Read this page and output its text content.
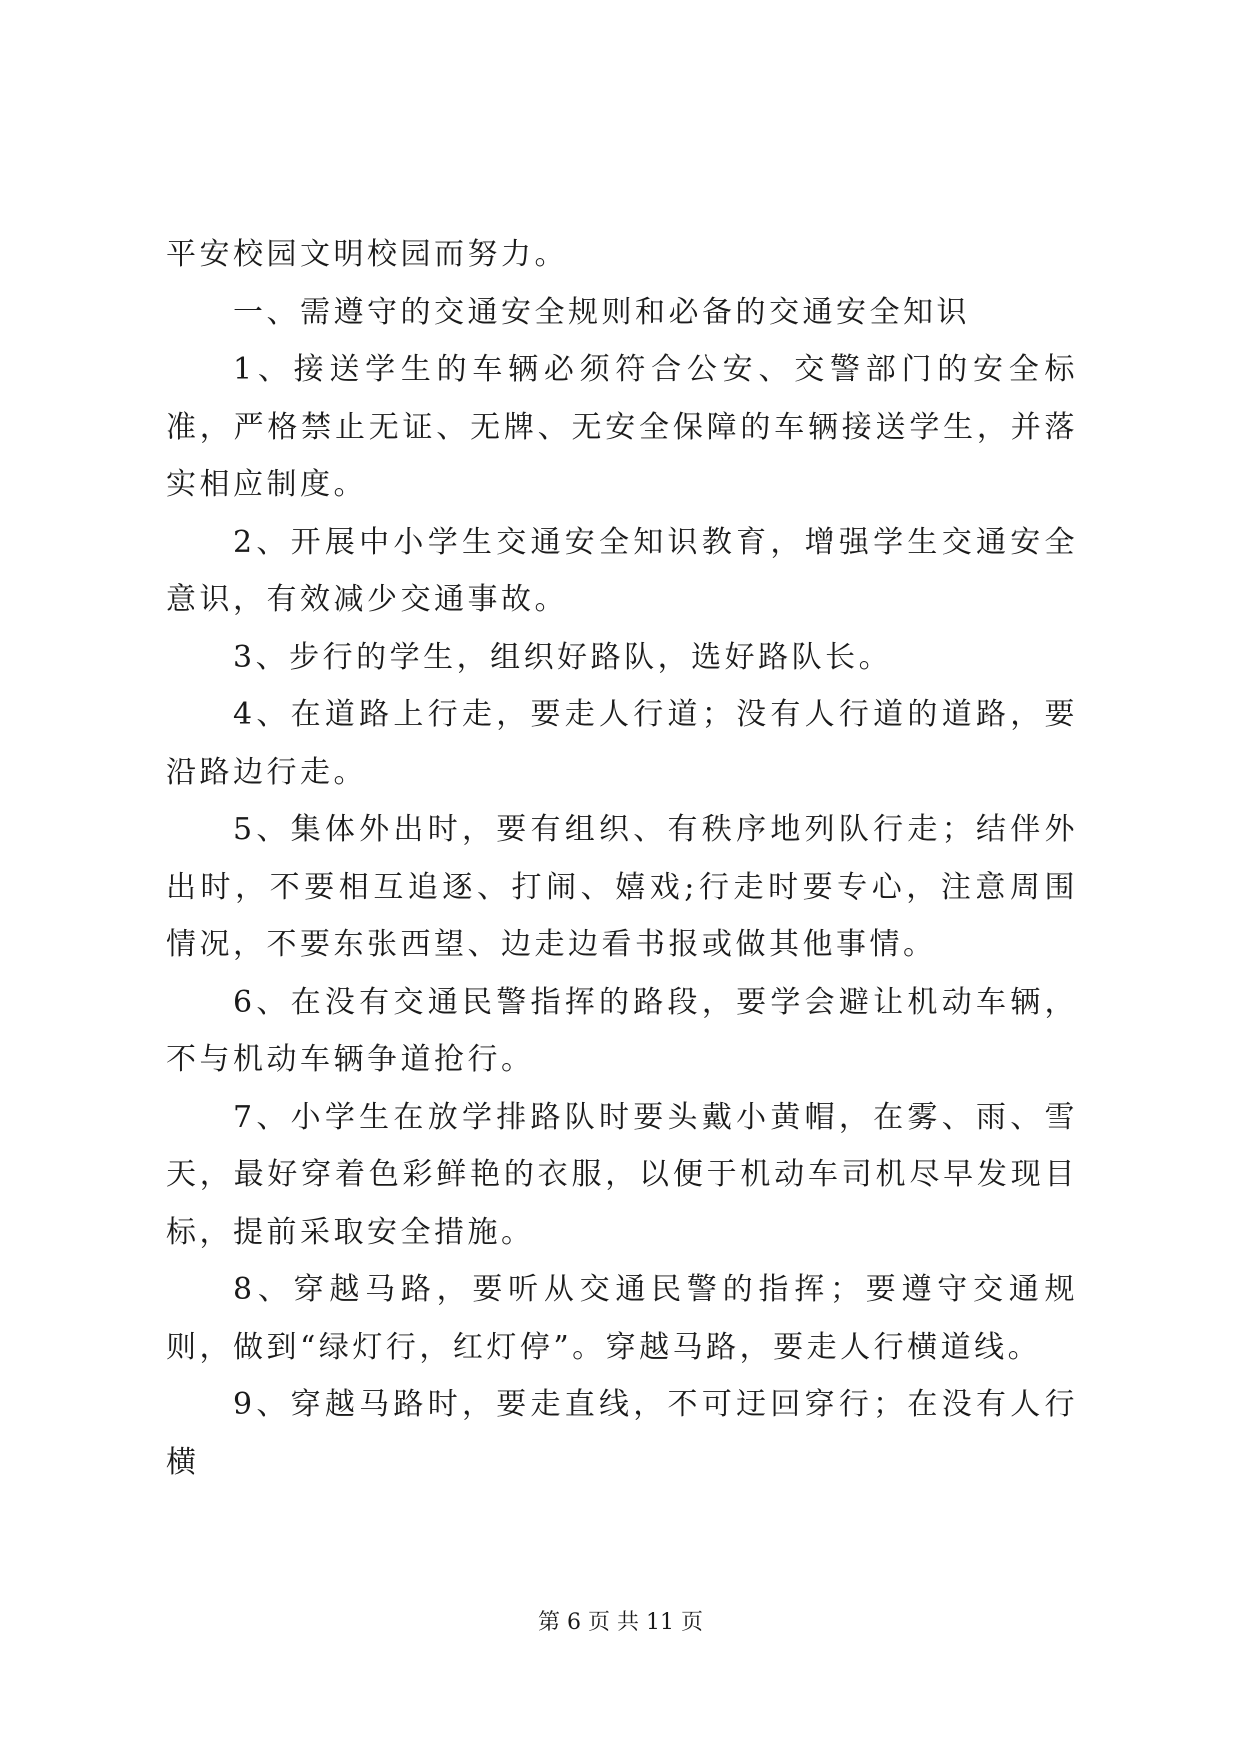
平安校园文明校园而努力。

一、需遵守的交通安全规则和必备的交通安全知识

1、接送学生的车辆必须符合公安、交警部门的安全标准，严格禁止无证、无牌、无安全保障的车辆接送学生，并落实相应制度。

2、开展中小学生交通安全知识教育，增强学生交通安全意识，有效减少交通事故。

3、步行的学生，组织好路队，选好路队长。

4、在道路上行走，要走人行道；没有人行道的道路，要沿路边行走。

5、集体外出时，要有组织、有秩序地列队行走；结伴外出时，不要相互追逐、打闹、嬉戏;行走时要专心，注意周围情况，不要东张西望、边走边看书报或做其他事情。

6、在没有交通民警指挥的路段，要学会避让机动车辆，不与机动车辆争道抢行。

7、小学生在放学排路队时要头戴小黄帽，在雾、雨、雪天，最好穿着色彩鲜艳的衣服，以便于机动车司机尽早发现目标，提前采取安全措施。

8、穿越马路，要听从交通民警的指挥；要遵守交通规则，做到“绿灯行，红灯停”。穿越马路，要走人行横道线。

9、穿越马路时，要走直线，不可迂回穿行；在没有人行横

第 6 页 共 11 页
